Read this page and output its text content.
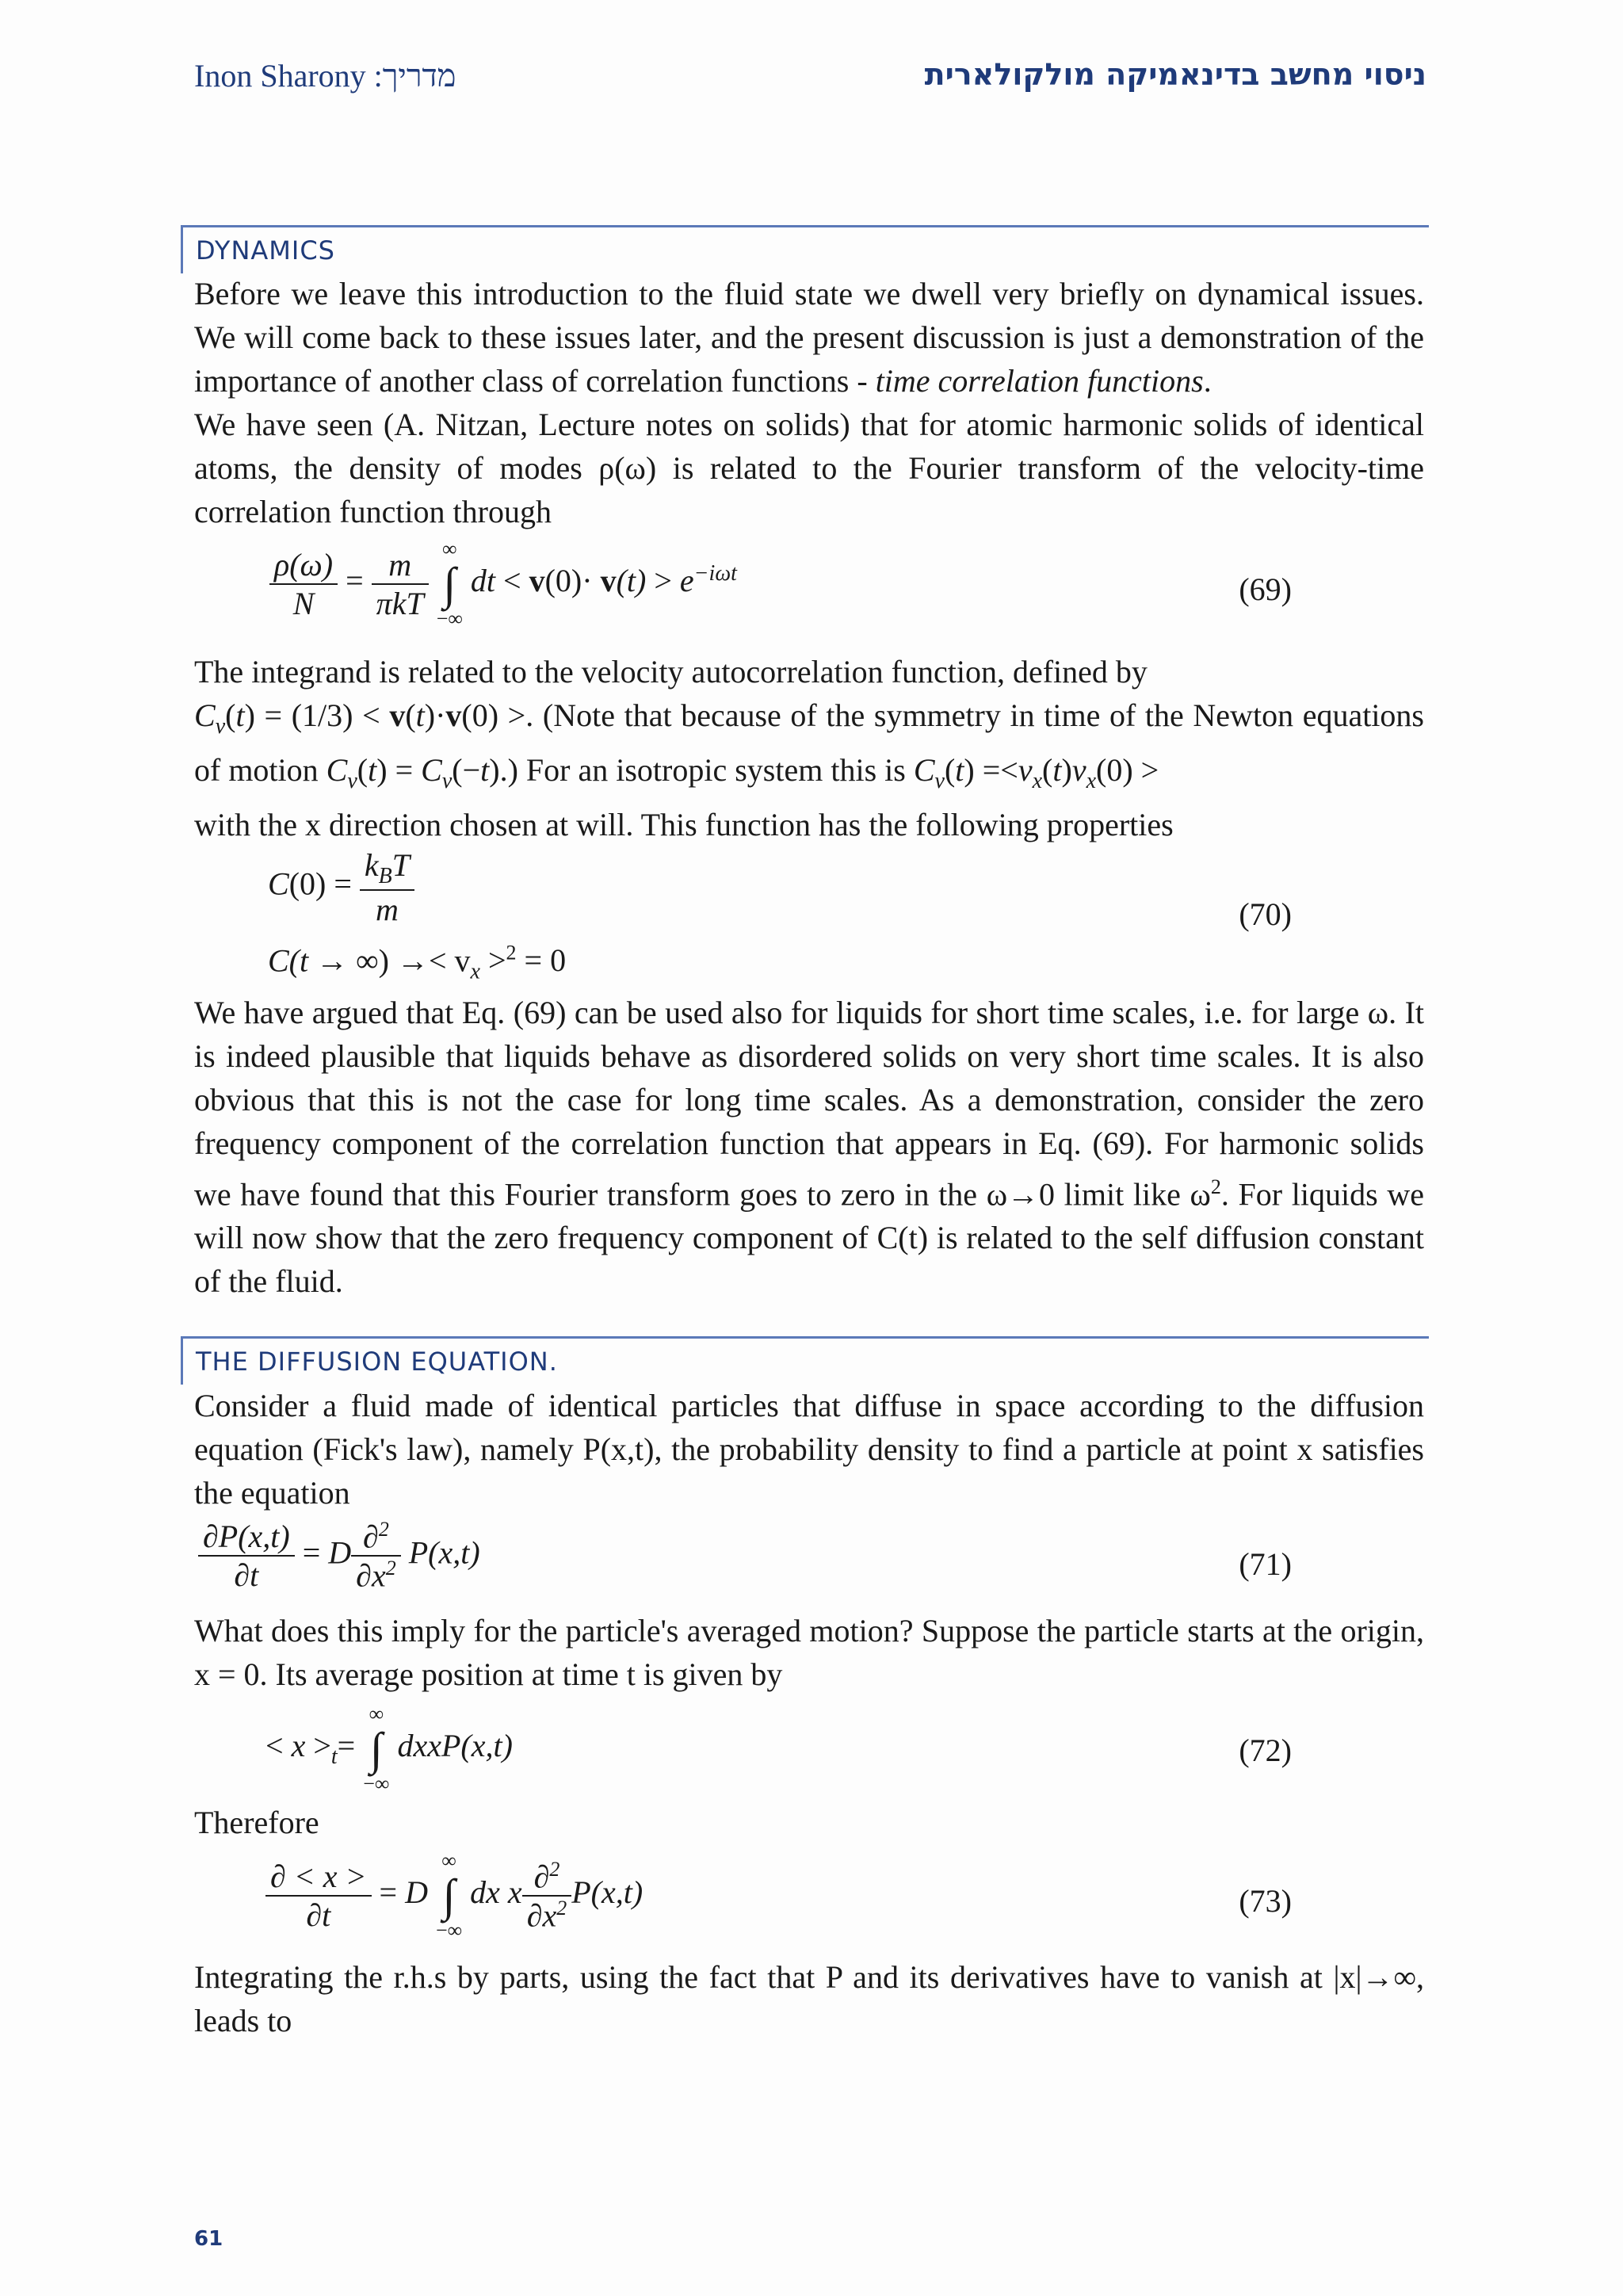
Inon Sharony :מדריך	ניסוי מחשב בדינאמיקה מולקולארית
DYNAMICS
Before we leave this introduction to the fluid state we dwell very briefly on dynamical issues. We will come back to these issues later, and the present discussion is just a demonstration of the importance of another class of correlation functions - time correlation functions.
We have seen (A. Nitzan, Lecture notes on solids) that for atomic harmonic solids of identical atoms, the density of modes ρ(ω) is related to the Fourier transform of the velocity-time correlation function through
$\frac{\rho(\omega)}{N} = \frac{m}{\text{πkT}}$
∞
∫
−∞
dt < $v(0)\cdot v(t) > e^{-i\omega t}$	(69)
The integrand is related to the velocity autocorrelation function, defined by
$C_v(t) = (1/3) < v(t)\cdot v(0)$ >. (Note that because of the symmetry in time of the Newton equations of motion $C_v(t) = C_v(-t)$.) For an isotropic system this is $C_v(t) =<v_x(t)v_x(0)$ >
with the x direction chosen at will. This function has the following properties
$C(0) = \frac{k_BT}{m}$
C(t → ∞) →< $v_x >^2 = 0$
(70)
We have argued that Eq. (69) can be used also for liquids for short time scales, i.e. for large ω. It is indeed plausible that liquids behave as disordered solids on very short time scales. It is also obvious that this is not the case for long time scales. As a demonstration, consider the zero frequency component of the correlation function that appears in Eq. (69). For harmonic solids we have found that this Fourier transform goes to zero in the ω→0 limit like $\omega^2$. For liquids we will now show that the zero frequency component of C(t) is related to the self diffusion constant of the fluid.
THE DIFFUSION EQUATION.
Consider a fluid made of identical particles that diffuse in space according to the diffusion equation (Fick's law), namely P(x,t), the probability density to find a particle at point x satisfies the equation
$\frac{\partial P(x,t)}{\partial t} = D \frac{\partial^2}{\partial x^2} P(x,t)$	(71)
What does this imply for the particle's averaged motion? Suppose the particle starts at the origin, x = 0. Its average position at time t is given by
< $x >_t=$
∞
∫
−∞
dxxP(x,t)	(72)
Therefore
$\frac{\partial < x >}{\partial t} = D$
∞
∫
−∞
dx x $\frac{\partial^2}{\partial x^2} P(x,t)$	(73)
Integrating the r.h.s by parts, using the fact that P and its derivatives have to vanish at |x|→∞, leads to
61
